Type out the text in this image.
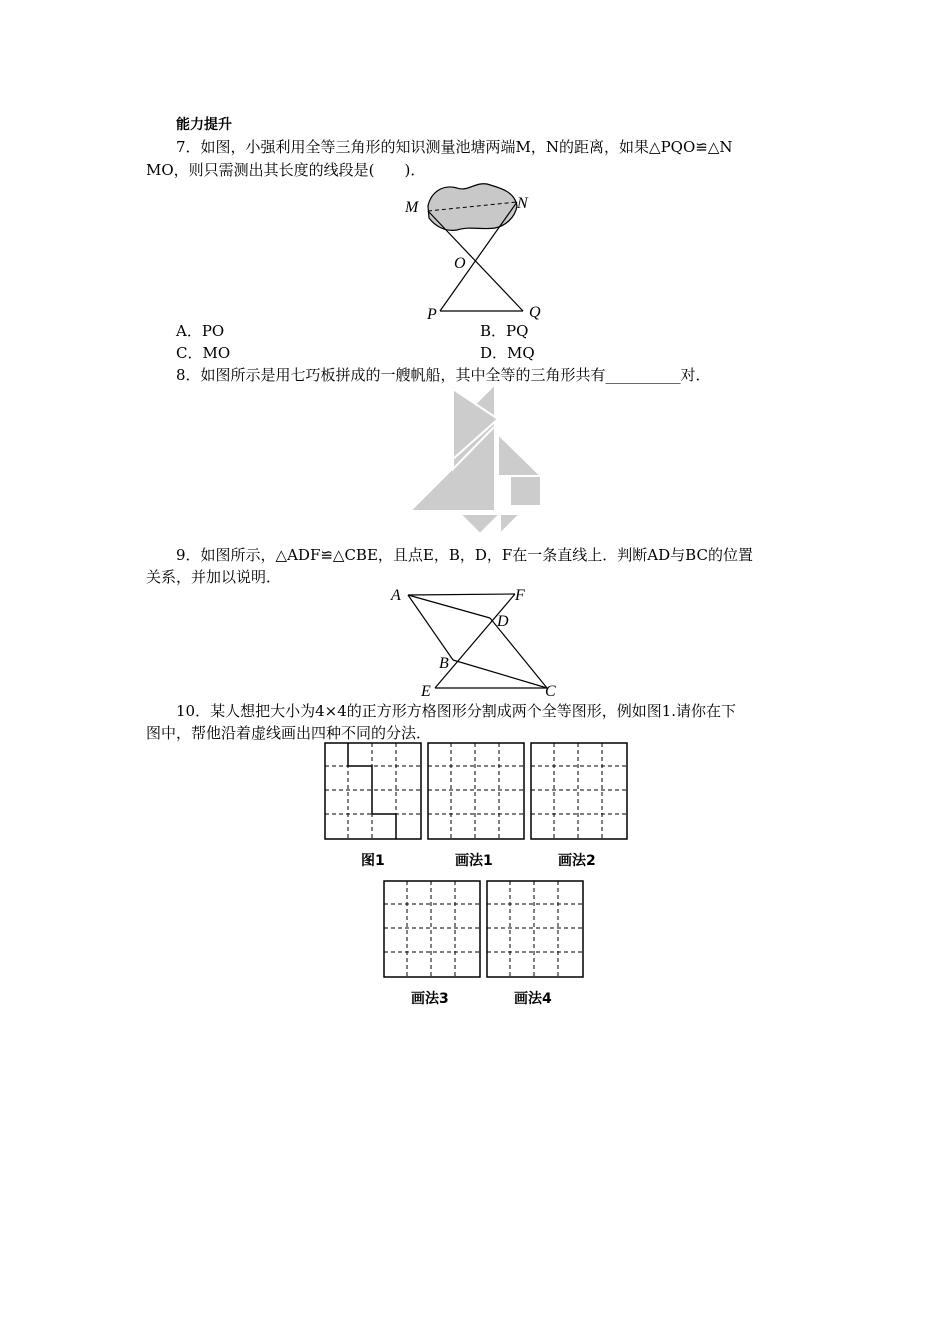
能力提升
7．如图，小强利用全等三角形的知识测量池塘两端M，N的距离，如果△PQO≌△N
MO，则只需测出其长度的线段是(　　)．
M	N
O
P	Q
A．PO	B．PQ
C．MO	D．MQ
8．如图所示是用七巧板拼成的一艘帆船，其中全等的三角形共有__________对．
9．如图所示，△ADF≌△CBE，且点E，B，D，F在一条直线上．判断AD与BC的位置
关系，并加以说明．
A	F
D
B
E	C
10．某人想把大小为4×4的正方形方格图形分割成两个全等图形，例如图1.请你在下
图中，帮他沿着虚线画出四种不同的分法．
图1	画法1	画法2
画法3	画法4
